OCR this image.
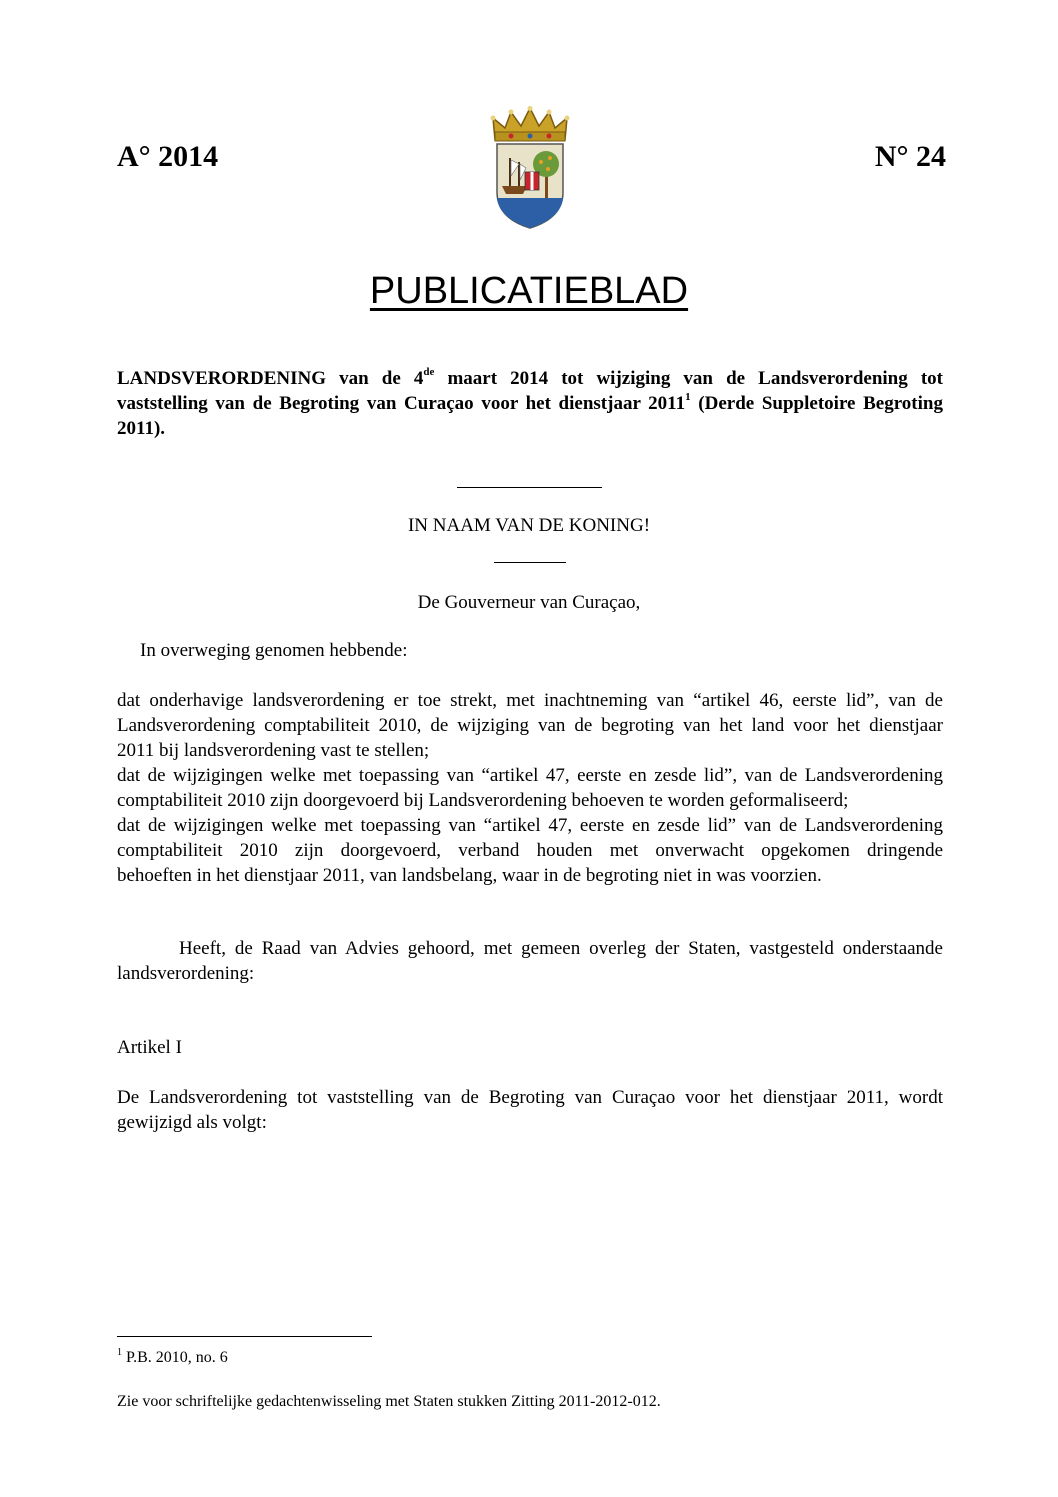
A° 2014	N° 24
PUBLICATIEBLAD
LANDSVERORDENING van de 4de maart 2014 tot wijziging van de Landsverordening tot vaststelling van de Begroting van Curaçao voor het dienstjaar 2011$^1$ (Derde Suppletoire Begroting 2011).
IN NAAM VAN DE KONING!
De Gouverneur van Curaçao,
In overweging genomen hebbende:
dat onderhavige landsverordening er toe strekt, met inachtneming van “artikel 46, eerste lid”, van de
Landsverordening comptabiliteit 2010, de wijziging van de begroting van het land voor het dienstjaar
2011 bij landsverordening vast te stellen;
dat de wijzigingen welke met toepassing van “artikel 47, eerste en zesde lid”, van de Landsverordening
comptabiliteit 2010 zijn doorgevoerd bij Landsverordening behoeven te worden geformaliseerd;
dat de wijzigingen welke met toepassing van “artikel 47, eerste en zesde lid” van de Landsverordening
comptabiliteit 2010 zijn doorgevoerd, verband houden met onverwacht opgekomen dringende
behoeften in het dienstjaar 2011, van landsbelang, waar in de begroting niet in was voorzien.
Heeft, de Raad van Advies gehoord, met gemeen overleg der Staten, vastgesteld onderstaande
landsverordening:
Artikel I
De Landsverordening tot vaststelling van de Begroting van Curaçao voor het dienstjaar 2011, wordt
gewijzigd als volgt:
$^1$ P.B. 2010, no. 6
Zie voor schriftelijke gedachtenwisseling met Staten stukken Zitting 2011-2012-012.
